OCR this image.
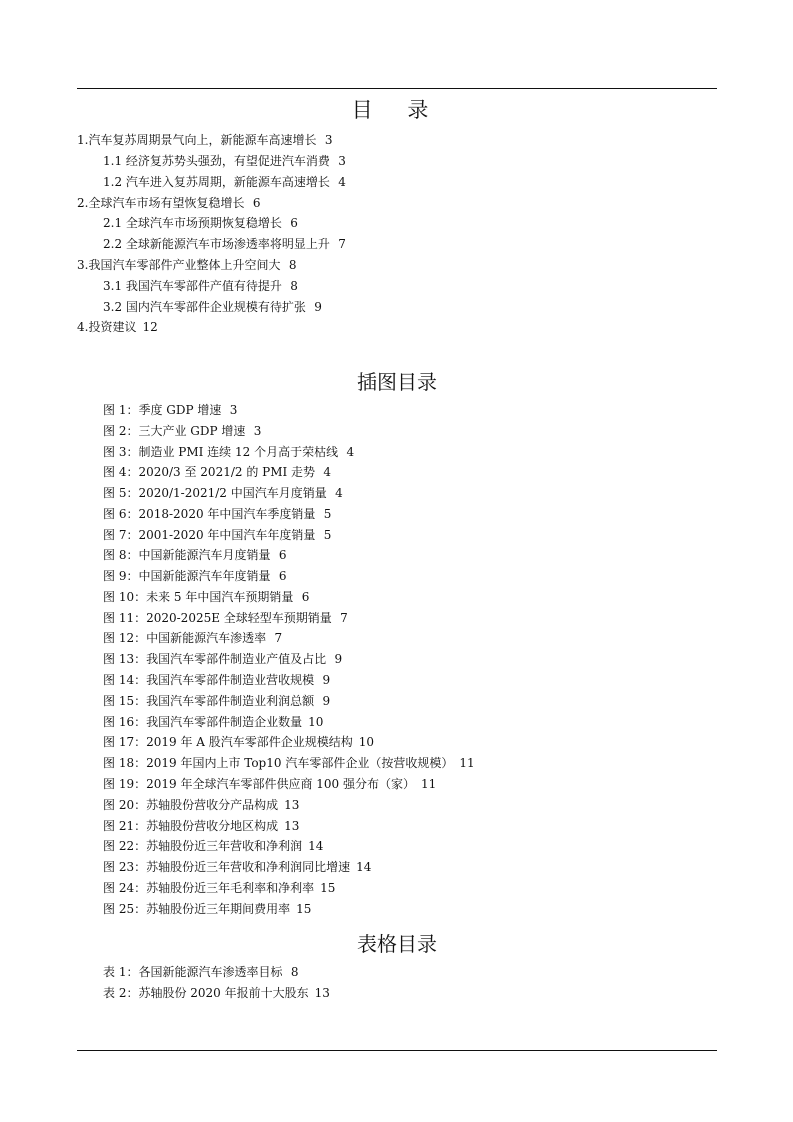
目 录
1. 汽车复苏周期景气向上，新能源车高速增长 3
1.1 经济复苏势头强劲，有望促进汽车消费 3
1.2 汽车进入复苏周期，新能源车高速增长 4
2. 全球汽车市场有望恢复稳增长 6
2.1 全球汽车市场预期恢复稳增长 6
2.2 全球新能源汽车市场渗透率将明显上升 7
3. 我国汽车零部件产业整体上升空间大 8
3.1 我国汽车零部件产值有待提升 8
3.2 国内汽车零部件企业规模有待扩张 9
4. 投资建议 12
插图目录
图 1：季度 GDP 增速 3
图 2：三大产业 GDP 增速 3
图 3：制造业 PMI 连续 12 个月高于荣枯线 4
图 4：2020/3 至 2021/2 的 PMI 走势 4
图 5：2020/1-2021/2 中国汽车月度销量 4
图 6：2018-2020 年中国汽车季度销量 5
图 7：2001-2020 年中国汽车年度销量 5
图 8：中国新能源汽车月度销量 6
图 9：中国新能源汽车年度销量 6
图 10：未来 5 年中国汽车预期销量 6
图 11：2020-2025E 全球轻型车预期销量 7
图 12：中国新能源汽车渗透率 7
图 13：我国汽车零部件制造业产值及占比 9
图 14：我国汽车零部件制造业营收规模 9
图 15：我国汽车零部件制造业利润总额 9
图 16：我国汽车零部件制造企业数量 10
图 17：2019 年 A 股汽车零部件企业规模结构 10
图 18：2019 年国内上市 Top10 汽车零部件企业（按营收规模） 11
图 19：2019 年全球汽车零部件供应商 100 强分布（家） 11
图 20：苏轴股份营收分产品构成 13
图 21：苏轴股份营收分地区构成 13
图 22：苏轴股份近三年营收和净利润 14
图 23：苏轴股份近三年营收和净利润同比增速 14
图 24：苏轴股份近三年毛利率和净利率 15
图 25：苏轴股份近三年期间费用率 15
表格目录
表 1：各国新能源汽车渗透率目标 8
表 2：苏轴股份 2020 年报前十大股东 13
